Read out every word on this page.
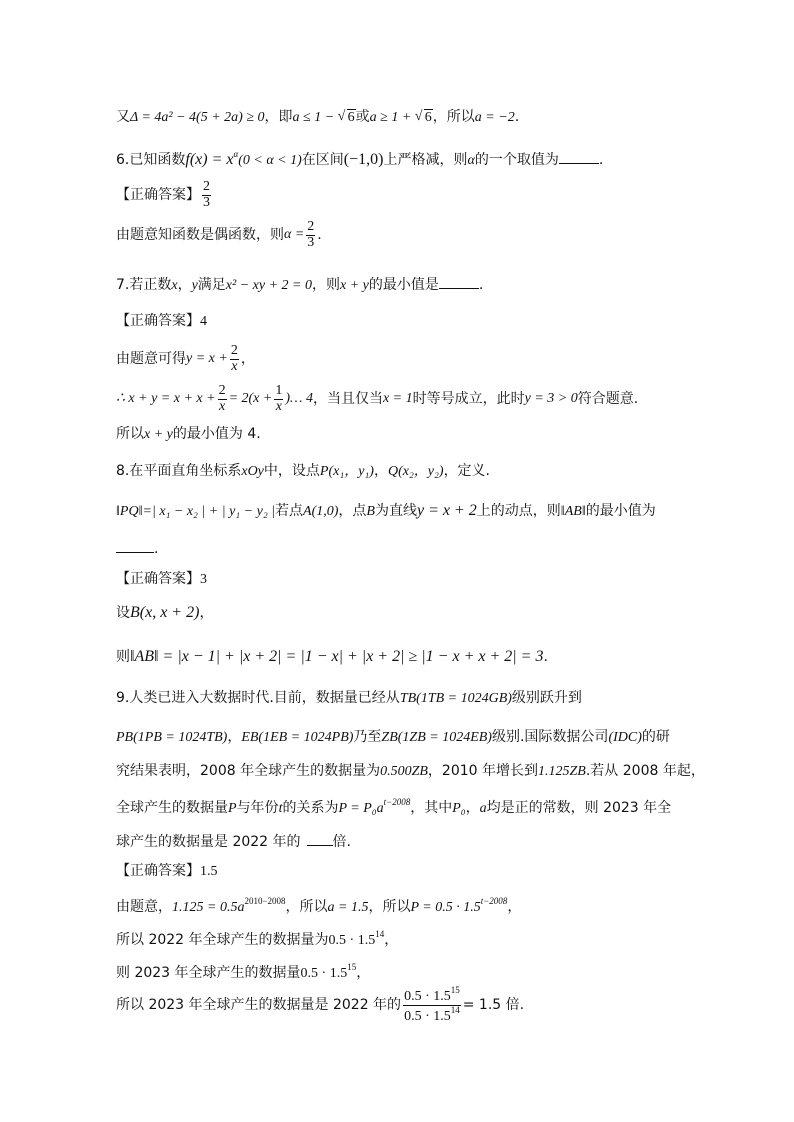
又Δ = 4a² − 4(5 + 2a) ≥ 0，即a ≤ 1 − √ 6或a ≥ 1 + √ 6，所以a = −2.
6.已知函数$f(x) = x^\alpha(0 < \alpha < 1)$在区间(−1,0)上严格减，则α的一个取值为	.
【正确答案】 $\frac{2}{3}$
由题意知函数是偶函数，则$\alpha = \frac{2}{3}$ .
7.若正数x，y满足x² − xy + 2 = 0，则x + y的最小值是	.
【正确答案】4
由题意可得$y = x + \frac{2}{x}$ ，
∴ $x + y = x + x + \frac{2}{x} = 2(x + \frac{1}{x}$ )… 4，当且仅当x = 1时等号成立，此时y = 3 > 0符合题意.
所以x + y的最小值为 4.
8.在平面直角坐标系xOy中，设点P(x₁，y₁)，Q(x₂，y₂)，定义.
‖PQ‖=| x₁ − x₂ | + | y₁ − y₂ |若点A(1,0)，点B为直线y = x + 2上的动点，则‖AB‖的最小值为
.
【正确答案】3
设B(x, x + 2)，
则‖AB‖ = |x − 1| + |x + 2| = |1 − x| + |x + 2| ≥ |1 − x + x + 2| = 3.
9.人类已进入大数据时代.目前，数据量已经从TB(1TB = 1024GB)级别跃升到
PB(1PB = 1024TB)，EB(1EB = 1024PB)乃至ZB(1ZB = 1024EB)级别.国际数据公司(IDC)的研
究结果表明，2008 年全球产生的数据量为0.500ZB，2010 年增长到1.125ZB.若从 2008 年起，
全球产生的数据量P与年份t的关系为$P = P_0a^{t-2008}$，其中P₀，a均是正的常数，则 2023 年全
球产生的数据量是 2022 年的 倍.
【正确答案】1.5
由题意，$1.125 = 0.5a^{2010-2008}$，所以a = 1.5，所以$P = 0.5 \cdot 1.5^{t-2008}$，
所以 2022 年全球产生的数据量为$0.5 \cdot 1.5^{14}$，
则 2023 年全球产生的数据量$0.5 \cdot 1.5^{15}$，
所以 2023 年全球产生的数据量是 2022 年的 $\frac{0.5 \cdot 1.5^{15}}{0.5 \cdot 1.5^{14}} = 1.5$ 倍.
